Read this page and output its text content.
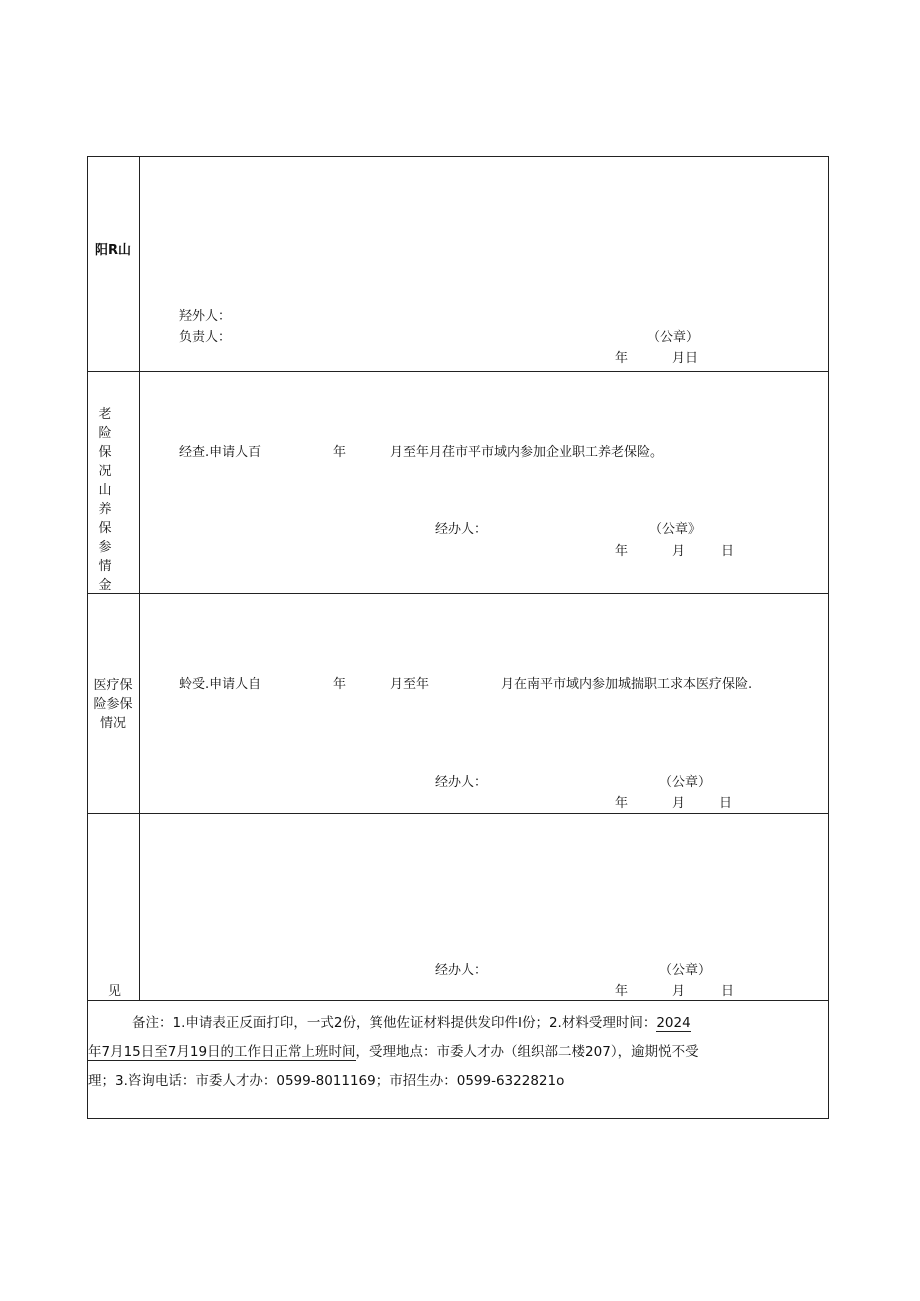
阳R山
羟外人：
负责人：	（公章）
年	月日
老险保况山养保参情金
经查.申请人百	年	月至年月荏市平市域内参加企业职工养老保险。
经办人：	（公章》
年	月	日
医疗保险参保情况
蛉受.申请人自	年	月至年	月在南平市域内参加城揣职工求本医疗保险.
经办人：	（公章）
年	月	日
见
经办人：	（公章）
年	月	日
备注：1.申请表正反面打印，一式2份，箕他佐证材料提供发印件I份；2.材料受理时间：2024
年7月15日至7月19日的工作日正常上班时间，受理地点：市委人才办（组织部二楼207），逾期悦不受
理；3.咨询电话：市委人才办：0599-8011169；市招生办：0599-6322821o
